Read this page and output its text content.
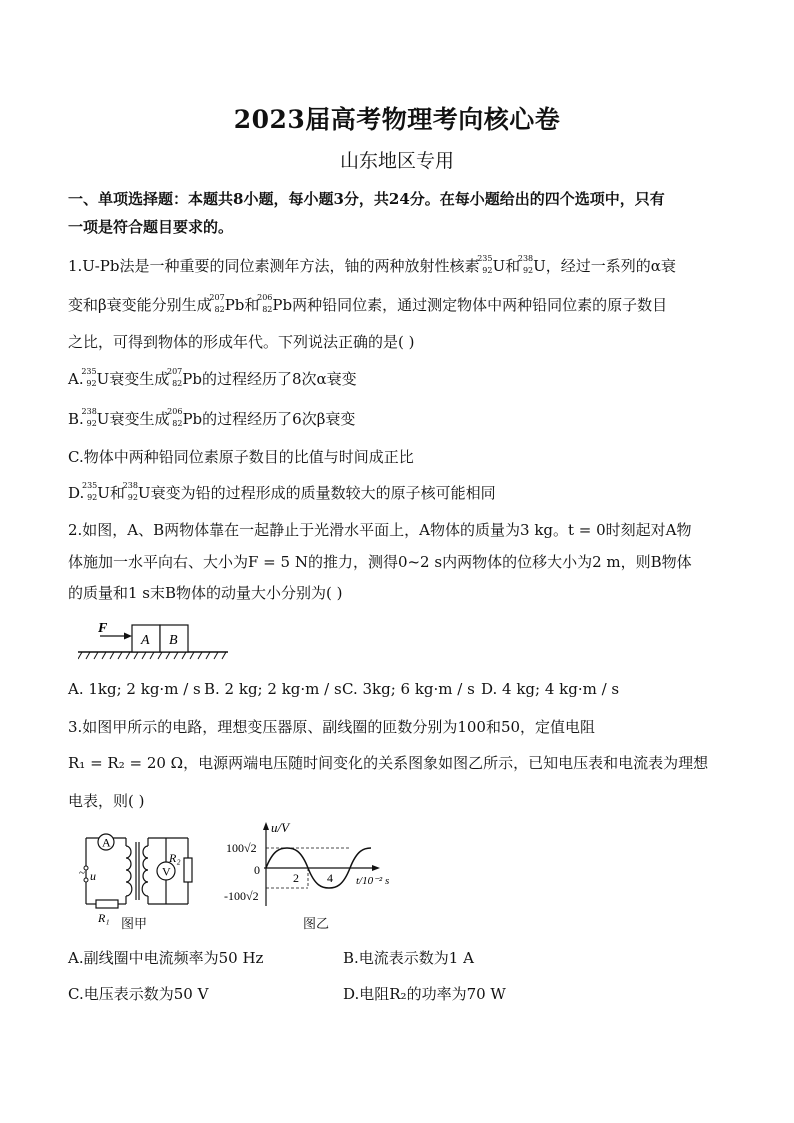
2023届高考物理考向核心卷
山东地区专用
一、单项选择题：本题共8小题，每小题3分，共24分。在每小题给出的四个选项中，只有
一项是符合题目要求的。
1.U-Pb法是一种重要的同位素测年方法，铀的两种放射性核素
235
92 U和
238
92 U，经过一系列的α衰
变和β衰变能分别生成
207
82 Pb和
206
82 Pb两种铅同位素，通过测定物体中两种铅同位素的原子数目
之比，可得到物体的形成年代。下列说法正确的是( )
A.
235
92 U衰变生成
207
82 Pb的过程经历了8次α衰变
B.
238
92 U衰变生成
206
82 Pb的过程经历了6次β衰变
C.物体中两种铅同位素原子数目的比值与时间成正比
D.
235
92 U和
238
92 U衰变为铅的过程形成的质量数较大的原子核可能相同
2.如图，A、B两物体靠在一起静止于光滑水平面上，A物体的质量为3 kg。t = 0时刻起对A物
体施加一水平向右、大小为F = 5 N的推力，测得0~2 s内两物体的位移大小为2 m，则B物体
的质量和1 s末B物体的动量大小分别为( )
F
A B
A. 1kg; 2 kg·m / s B. 2 kg; 2 kg·m / s C. 3kg; 6 kg·m / s D. 4 kg; 4 kg·m / s
3.如图甲所示的电路，理想变压器原、副线圈的匝数分别为100和50，定值电阻
R₁ = R₂ = 20 Ω，电源两端电压随时间变化的关系图象如图乙所示，已知电压表和电流表为理想
电表，则( )
A
V
~ u
R₁
R₂
图甲
u/V
100√2
-100√2
0
2 4 t/10⁻² s
图乙
A.副线圈中电流频率为50 Hz	B.电流表示数为1 A
C.电压表示数为50 V	D.电阻R₂的功率为70 W
